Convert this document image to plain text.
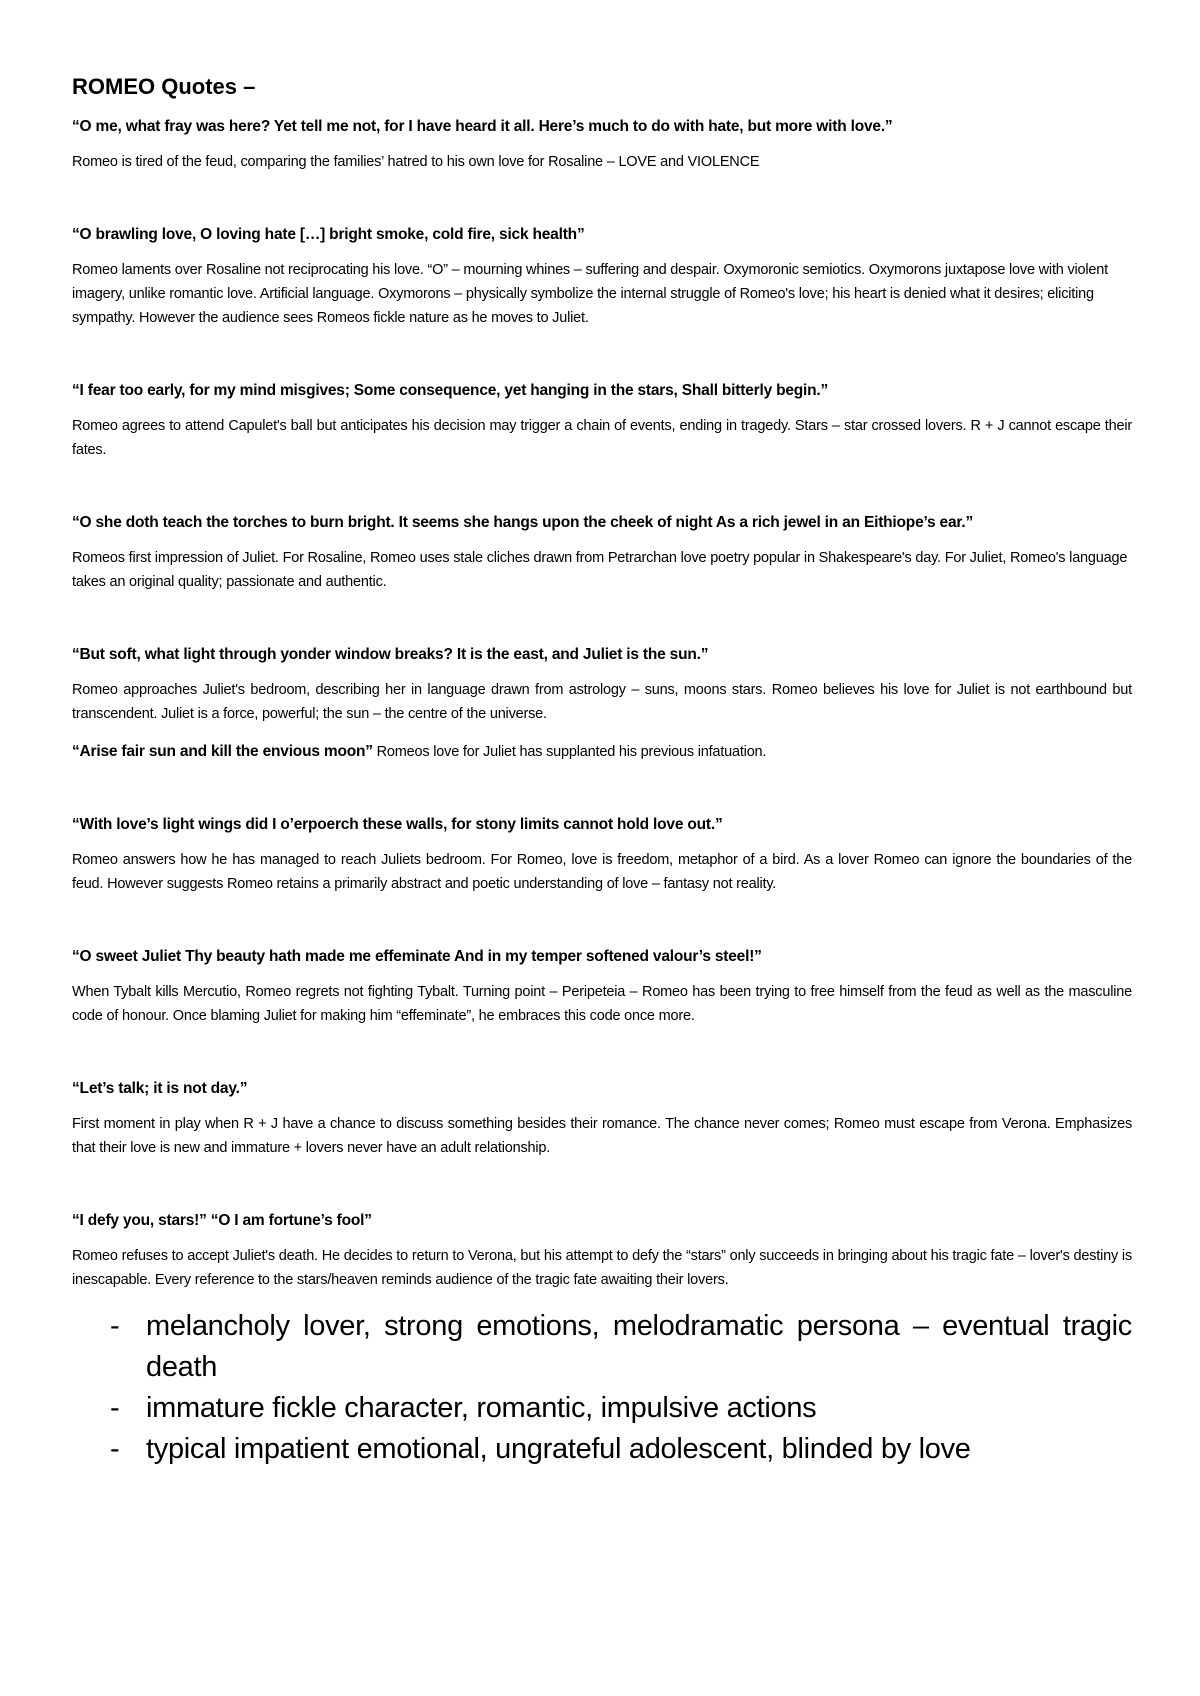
ROMEO Quotes –

“O me, what fray was here? Yet tell me not, for I have heard it all. Here’s much to do with hate, but more with love.”

Romeo is tired of the feud, comparing the families’ hatred to his own love for Rosaline – LOVE and VIOLENCE

“O brawling love, O loving hate […] bright smoke, cold fire, sick health”

Romeo laments over Rosaline not reciprocating his love. “O” – mourning whines – suffering and despair. Oxymoronic semiotics. Oxymorons juxtapose love with violent imagery, unlike romantic love. Artificial language. Oxymorons – physically symbolize the internal struggle of Romeo's love; his heart is denied what it desires; eliciting sympathy. However the audience sees Romeos fickle nature as he moves to Juliet.

“I fear too early, for my mind misgives; Some consequence, yet hanging in the stars, Shall bitterly begin.”

Romeo agrees to attend Capulet's ball but anticipates his decision may trigger a chain of events, ending in tragedy. Stars – star crossed lovers. R + J cannot escape their fates.

“O she doth teach the torches to burn bright. It seems she hangs upon the cheek of night As a rich jewel in an Eithiope’s ear.”

Romeos first impression of Juliet. For Rosaline, Romeo uses stale cliches drawn from Petrarchan love poetry popular in Shakespeare's day. For Juliet, Romeo's language takes an original quality; passionate and authentic.

“But soft, what light through yonder window breaks? It is the east, and Juliet is the sun.”

Romeo approaches Juliet's bedroom, describing her in language drawn from astrology – suns, moons stars. Romeo believes his love for Juliet is not earthbound but transcendent. Juliet is a force, powerful; the sun – the centre of the universe.

“Arise fair sun and kill the envious moon” Romeos love for Juliet has supplanted his previous infatuation.

“With love’s light wings did I o’erpoerch these walls, for stony limits cannot hold love out.”

Romeo answers how he has managed to reach Juliets bedroom. For Romeo, love is freedom, metaphor of a bird. As a lover Romeo can ignore the boundaries of the feud. However suggests Romeo retains a primarily abstract and poetic understanding of love – fantasy not reality.

“O sweet Juliet Thy beauty hath made me effeminate And in my temper softened valour’s steel!”

When Tybalt kills Mercutio, Romeo regrets not fighting Tybalt. Turning point – Peripeteia – Romeo has been trying to free himself from the feud as well as the masculine code of honour. Once blaming Juliet for making him “effeminate”, he embraces this code once more.

“Let’s talk; it is not day.”

First moment in play when R + J have a chance to discuss something besides their romance. The chance never comes; Romeo must escape from Verona. Emphasizes that their love is new and immature + lovers never have an adult relationship.

“I defy you, stars!” “O I am fortune’s fool”

Romeo refuses to accept Juliet's death. He decides to return to Verona, but his attempt to defy the “stars” only succeeds in bringing about his tragic fate – lover's destiny is inescapable. Every reference to the stars/heaven reminds audience of the tragic fate awaiting their lovers.

- melancholy lover, strong emotions, melodramatic persona – eventual tragic death
- immature fickle character, romantic, impulsive actions
- typical impatient emotional, ungrateful adolescent, blinded by love
